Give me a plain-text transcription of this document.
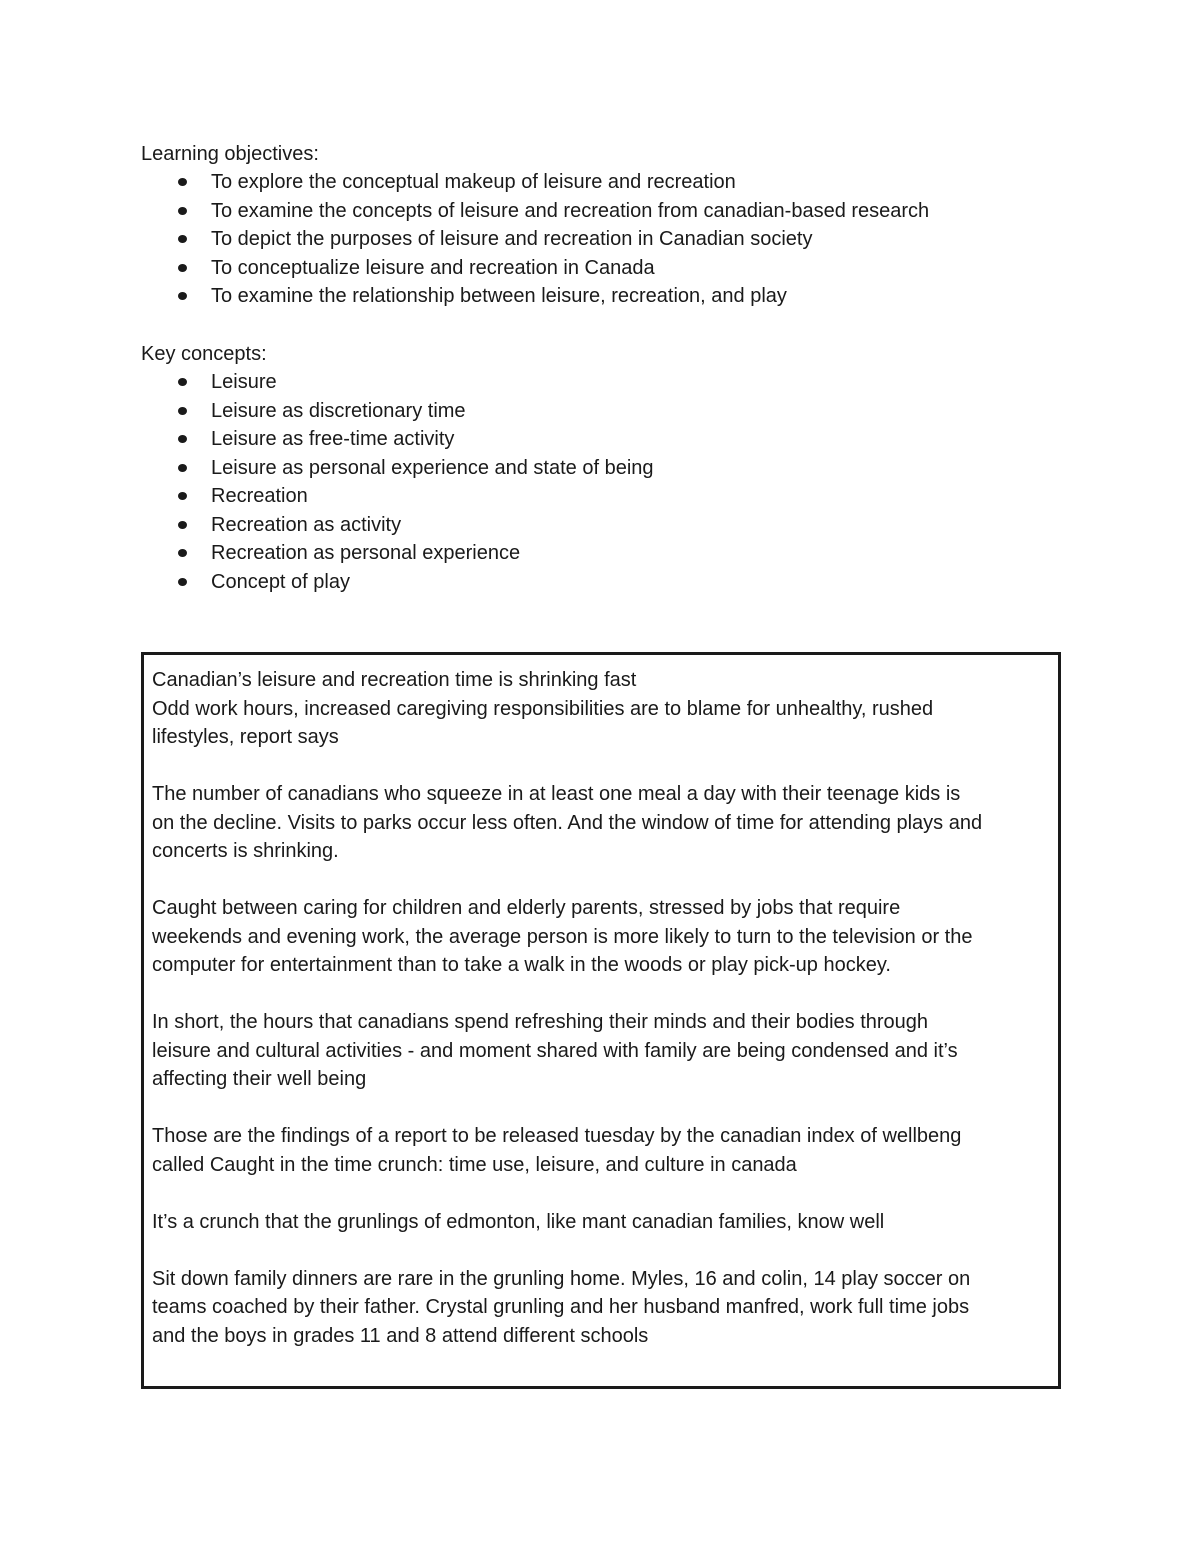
Learning objectives:
To explore the conceptual makeup of leisure and recreation
To examine the concepts of leisure and recreation from canadian-based research
To depict the purposes of leisure and recreation in Canadian society
To conceptualize leisure and recreation in Canada
To examine the relationship between leisure, recreation, and play
Key concepts:
Leisure
Leisure as discretionary time
Leisure as free-time activity
Leisure as personal experience and state of being
Recreation
Recreation as activity
Recreation as personal experience
Concept of play

Canadian’s leisure and recreation time is shrinking fast

Odd work hours, increased caregiving responsibilities are to blame for unhealthy, rushed
lifestyles, report says

The number of canadians who squeeze in at least one meal a day with their teenage kids is
on the decline. Visits to parks occur less often. And the window of time for attending plays and
concerts is shrinking.

Caught between caring for children and elderly parents, stressed by jobs that require
weekends and evening work, the average person is more likely to turn to the television or the
computer for entertainment than to take a walk in the woods or play pick-up hockey.

In short, the hours that canadians spend refreshing their minds and their bodies through
leisure and cultural activities - and moment shared with family are being condensed and it’s
affecting their well being

Those are the findings of a report to be released tuesday by the canadian index of wellbeng
called Caught in the time crunch: time use, leisure, and culture in canada

It’s a crunch that the grunlings of edmonton, like mant canadian families, know well

Sit down family dinners are rare in the grunling home. Myles, 16 and colin, 14 play soccer on
teams coached by their father. Crystal grunling and her husband manfred, work full time jobs
and the boys in grades 11 and 8 attend different schools
